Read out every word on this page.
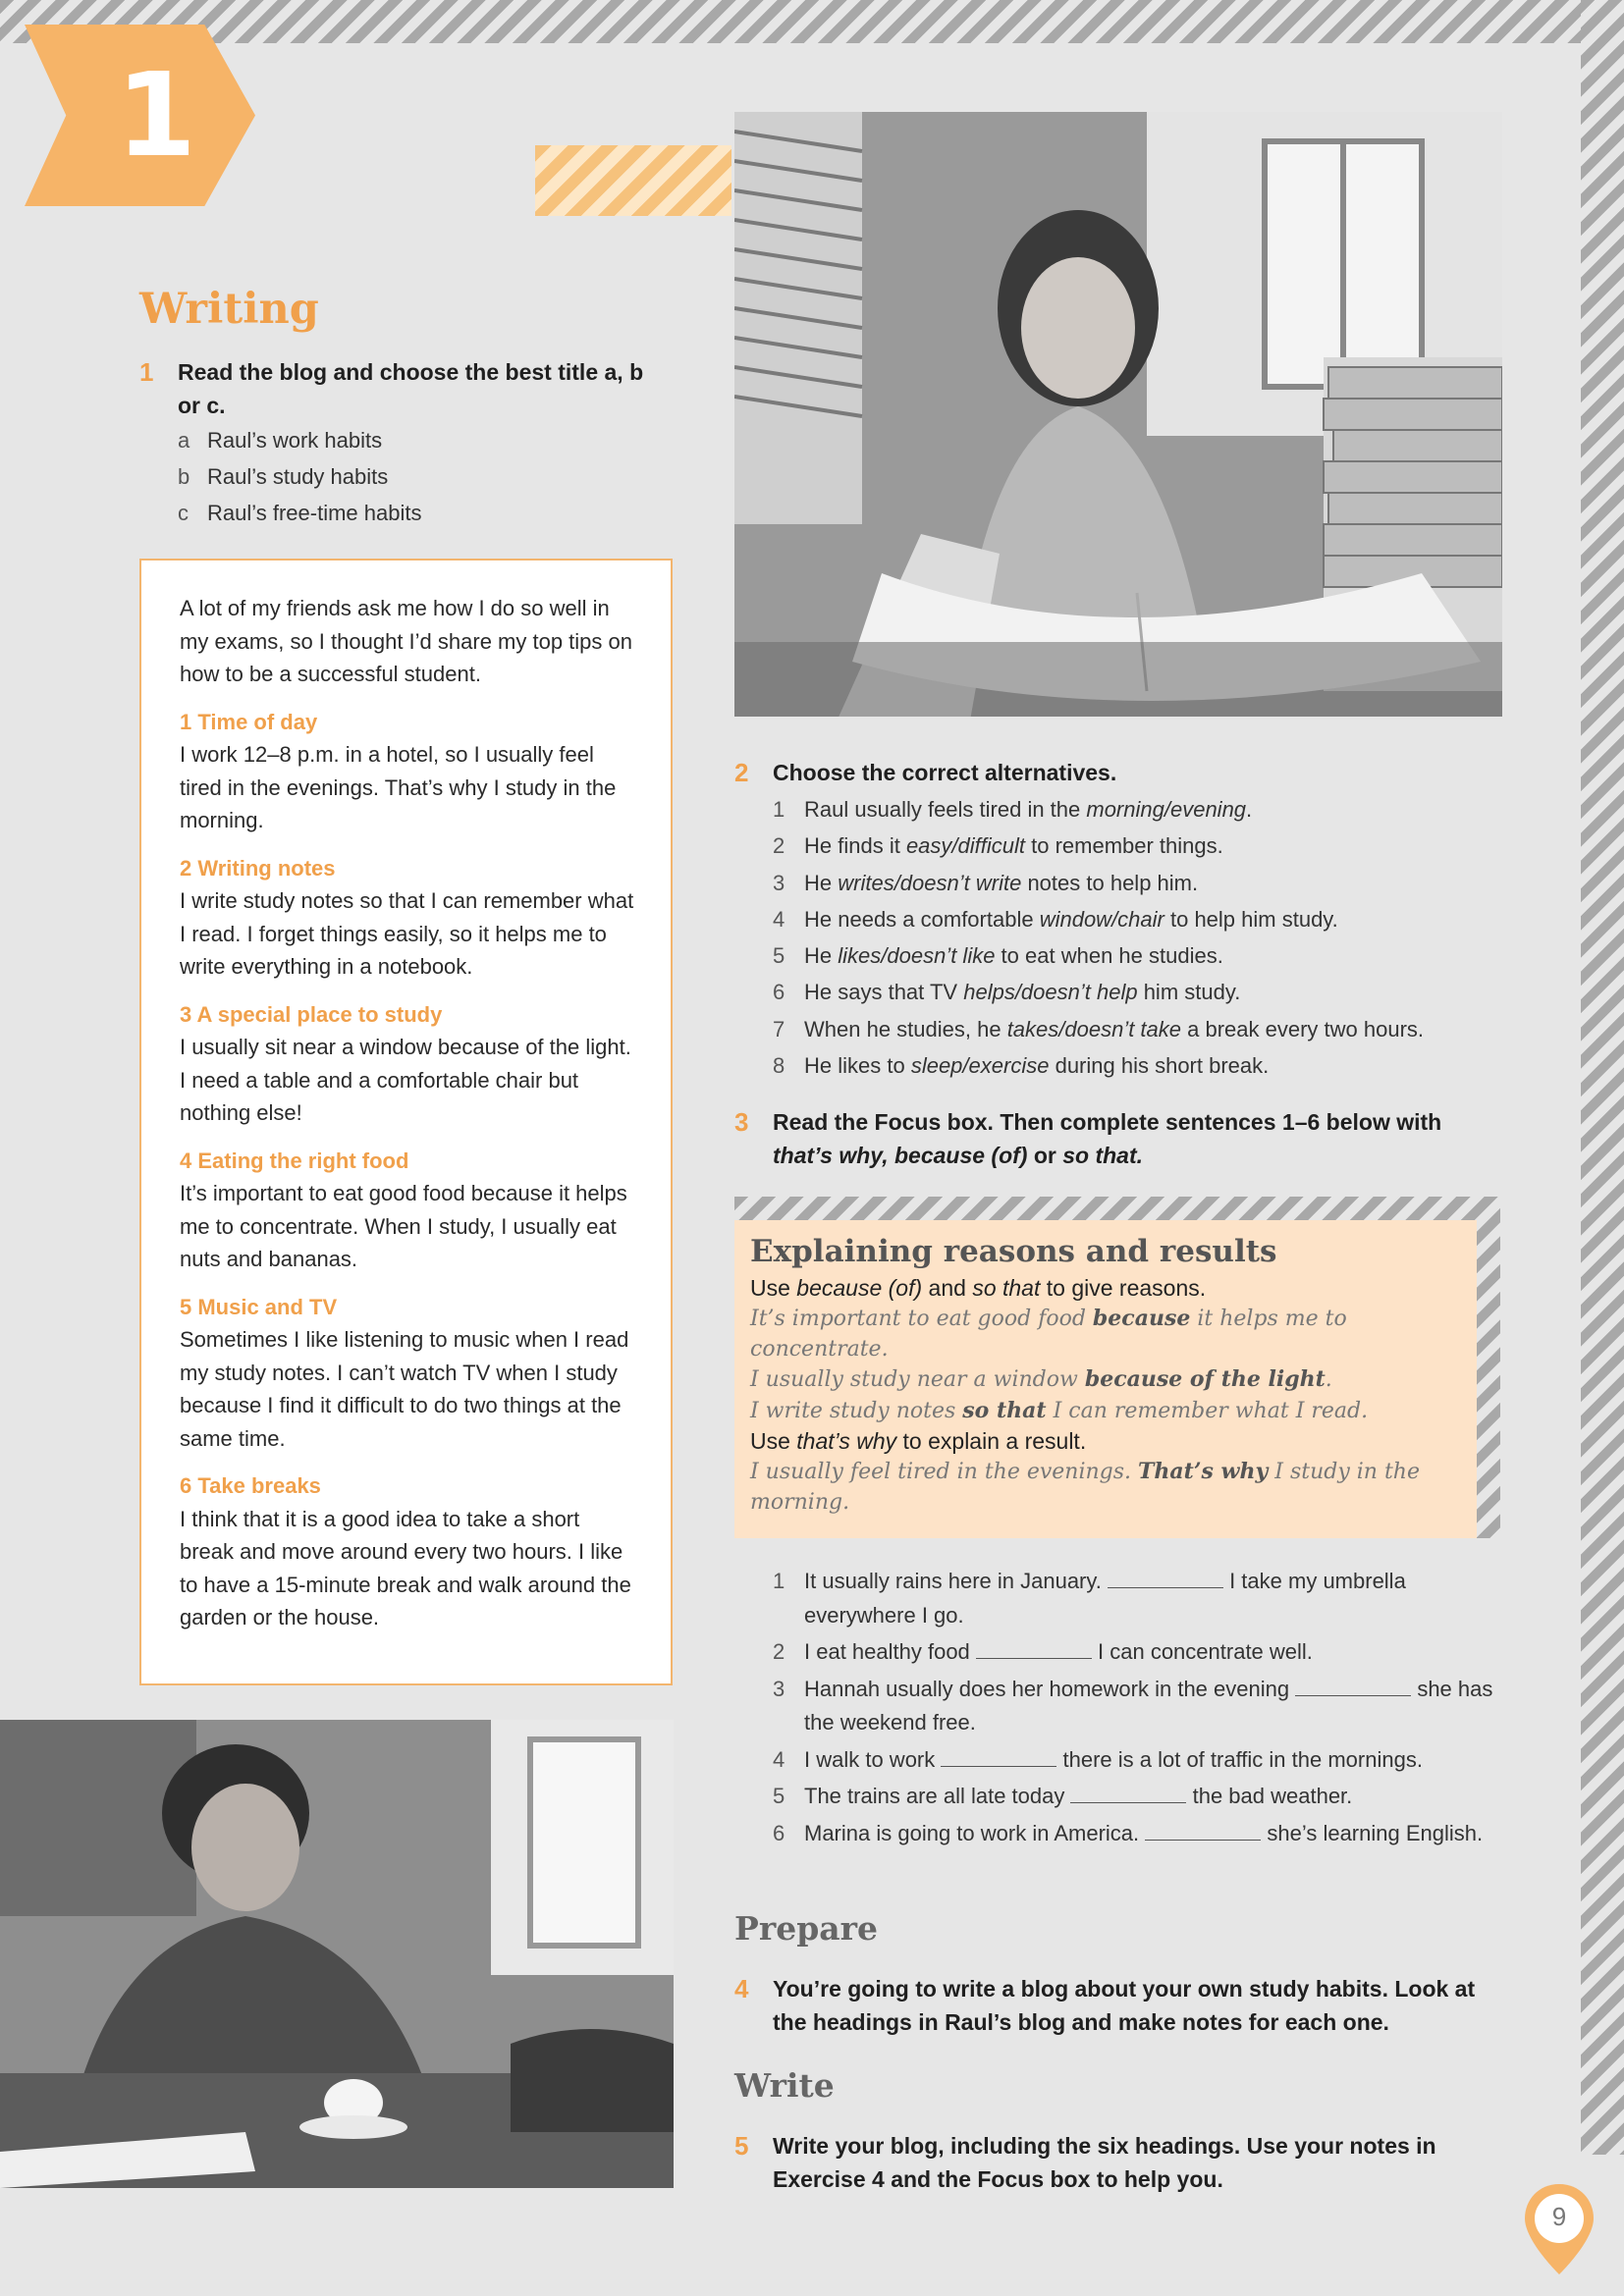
1
Writing
1 Read the blog and choose the best title a, b or c.
a Raul’s work habits
b Raul’s study habits
c Raul’s free-time habits

A lot of my friends ask me how I do so well in my exams, so I thought I’d share my top tips on how to be a successful student.

1 Time of day

I work 12–8 p.m. in a hotel, so I usually feel tired in the evenings. That’s why I study in the morning.

2 Writing notes

I write study notes so that I can remember what I read. I forget things easily, so it helps me to write everything in a notebook.

3 A special place to study

I usually sit near a window because of the light. I need a table and a comfortable chair but nothing else!

4 Eating the right food

It’s important to eat good food because it helps me to concentrate. When I study, I usually eat nuts and bananas.

5 Music and TV

Sometimes I like listening to music when I read my study notes. I can’t watch TV when I study because I find it difficult to do two things at the same time.

6 Take breaks

I think that it is a good idea to take a short break and move around every two hours. I like to have a 15-minute break and walk around the garden or the house.

2 Choose the correct alternatives.
1 Raul usually feels tired in the morning/evening.
2 He finds it easy/difficult to remember things.
3 He writes/doesn’t write notes to help him.
4 He needs a comfortable window/chair to help him study.
5 He likes/doesn’t like to eat when he studies.
6 He says that TV helps/doesn’t help him study.
7 When he studies, he takes/doesn’t take a break every two hours.
8 He likes to sleep/exercise during his short break.
3 Read the Focus box. Then complete sentences 1–6 below with that’s why, because (of) or so that.
Explaining reasons and results
Use because (of) and so that to give reasons.
It’s important to eat good food because it helps me to concentrate.
I usually study near a window because of the light.
I write study notes so that I can remember what I read.
Use that’s why to explain a result.
I usually feel tired in the evenings. That’s why I study in the morning.
1 It usually rains here in January.	I take my umbrella everywhere I go.
2 I eat healthy food	I can concentrate well.
3 Hannah usually does her homework in the evening	she has the weekend free.
4 I walk to work	there is a lot of traffic in the mornings.
5 The trains are all late today	the bad weather.
6 Marina is going to work in America.	she’s learning English.
Prepare
4 You’re going to write a blog about your own study habits. Look at the headings in Raul’s blog and make notes for each one.
Write
5 Write your blog, including the six headings. Use your notes in Exercise 4 and the Focus box to help you.
9
